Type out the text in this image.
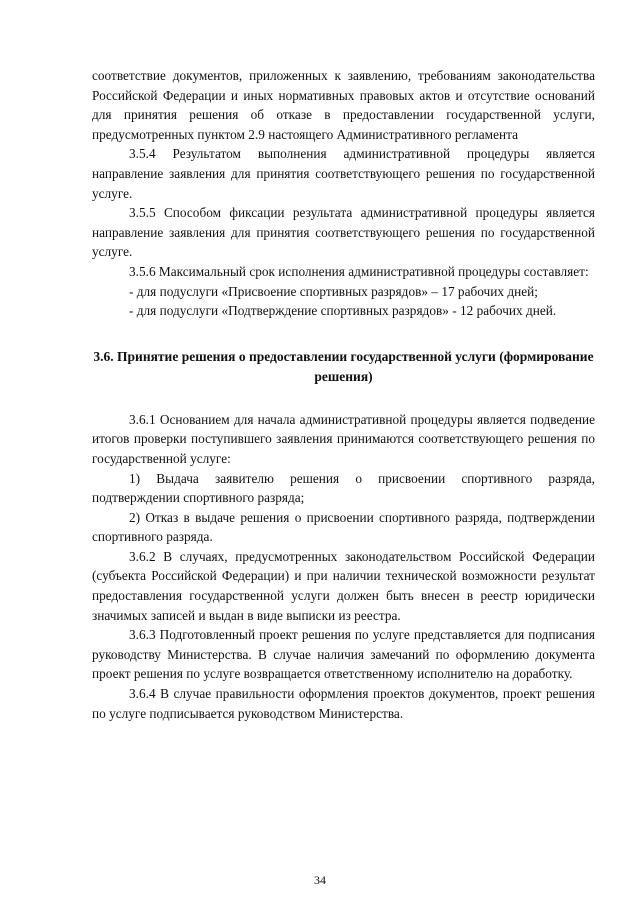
соответствие документов, приложенных к заявлению, требованиям законодательства Российской Федерации и иных нормативных правовых актов и отсутствие оснований для принятия решения об отказе в предоставлении государственной услуги, предусмотренных пунктом 2.9 настоящего Административного регламента

3.5.4 Результатом выполнения административной процедуры является направление заявления для принятия соответствующего решения по государственной услуге.

3.5.5 Способом фиксации результата административной процедуры является направление заявления для принятия соответствующего решения по государственной услуге.

3.5.6 Максимальный срок исполнения административной процедуры составляет:

- для подуслуги «Присвоение спортивных разрядов» – 17 рабочих дней;

- для подуслуги «Подтверждение спортивных разрядов» - 12 рабочих дней.

3.6. Принятие решения о предоставлении государственной услуги (формирование решения)

3.6.1 Основанием для начала административной процедуры является подведение итогов проверки поступившего заявления принимаются соответствующего решения по государственной услуге:

1) Выдача заявителю решения о присвоении спортивного разряда, подтверждении спортивного разряда;

2) Отказ в выдаче решения о присвоении спортивного разряда, подтверждении спортивного разряда.

3.6.2 В случаях, предусмотренных законодательством Российской Федерации (субъекта Российской Федерации) и при наличии технической возможности результат предоставления государственной услуги должен быть внесен в реестр юридически значимых записей и выдан в виде выписки из реестра.

3.6.3 Подготовленный проект решения по услуге представляется для подписания руководству Министерства. В случае наличия замечаний по оформлению документа проект решения по услуге возвращается ответственному исполнителю на доработку.

3.6.4 В случае правильности оформления проектов документов, проект решения по услуге подписывается руководством Министерства.

34
